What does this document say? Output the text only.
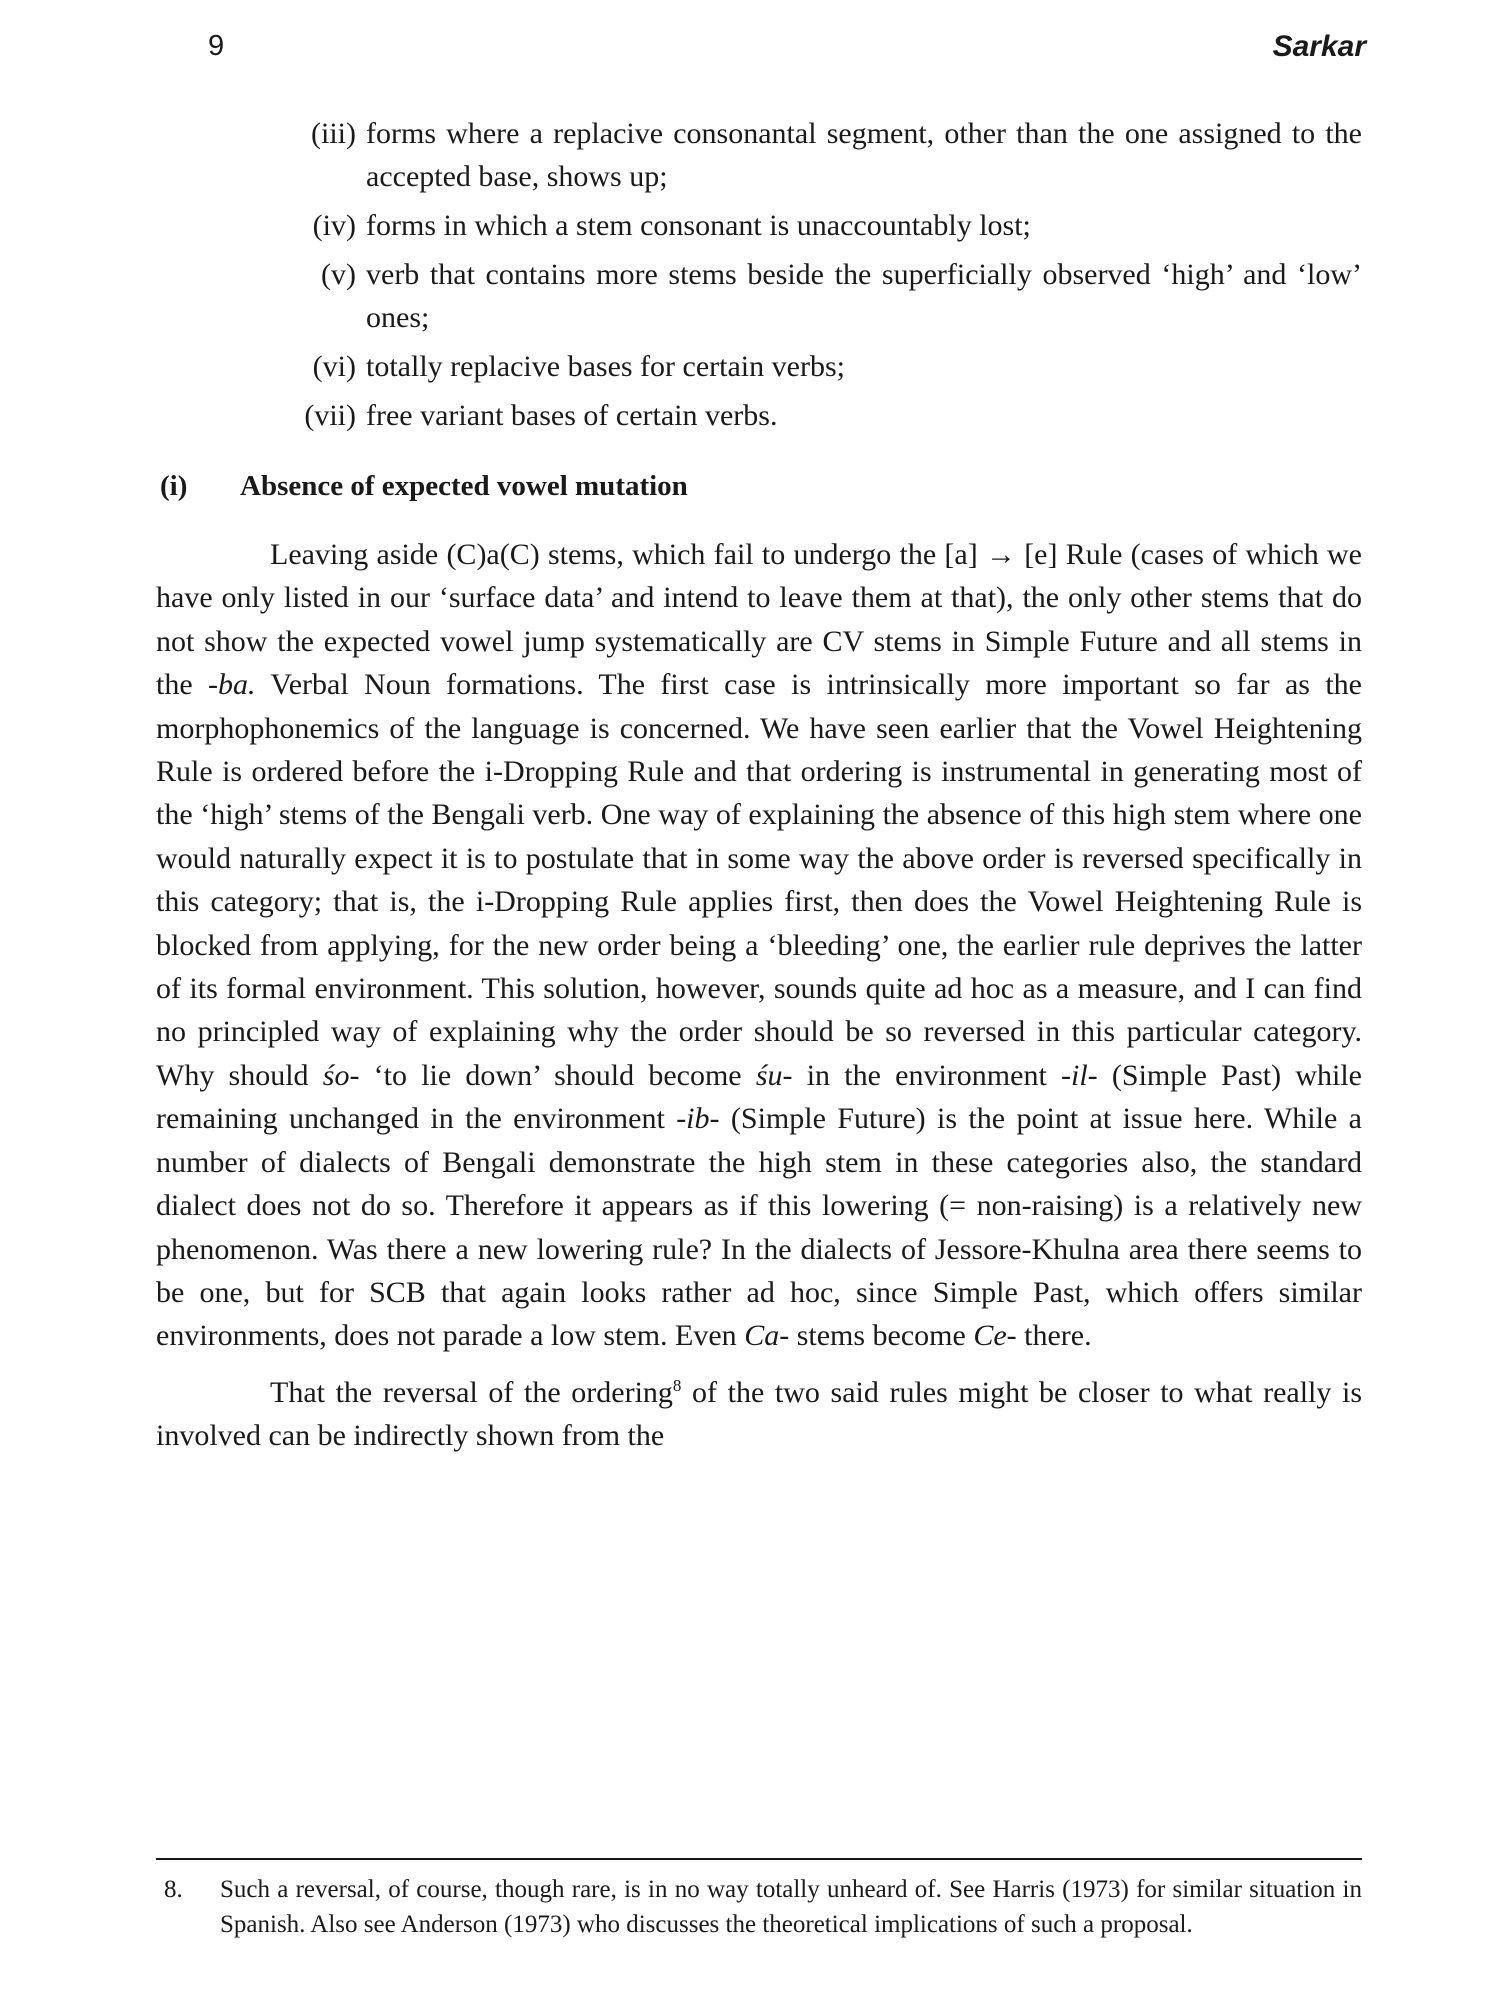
9	Sarkar
(iii) forms where a replacive consonantal segment, other than the one assigned to the accepted base, shows up;
(iv) forms in which a stem consonant is unaccountably lost;
(v) verb that contains more stems beside the superficially observed ‘high’ and ‘low’ ones;
(vi) totally replacive bases for certain verbs;
(vii) free variant bases of certain verbs.
(i) Absence of expected vowel mutation

Leaving aside (C)a(C) stems, which fail to undergo the [a] → [e] Rule (cases of which we have only listed in our ‘surface data’ and intend to leave them at that), the only other stems that do not show the expected vowel jump systematically are CV stems in Simple Future and all stems in the -ba. Verbal Noun formations. The first case is intrinsically more important so far as the morphophonemics of the language is concerned. We have seen earlier that the Vowel Heightening Rule is ordered before the i-Dropping Rule and that ordering is instrumental in generating most of the ‘high’ stems of the Bengali verb. One way of explaining the absence of this high stem where one would naturally expect it is to postulate that in some way the above order is reversed specifically in this category; that is, the i-Dropping Rule applies first, then does the Vowel Heightening Rule is blocked from applying, for the new order being a ‘bleeding’ one, the earlier rule deprives the latter of its formal environment. This solution, however, sounds quite ad hoc as a measure, and I can find no principled way of explaining why the order should be so reversed in this particular category. Why should śo- ‘to lie down’ should become śu- in the environment -il- (Simple Past) while remaining unchanged in the environment -ib- (Simple Future) is the point at issue here. While a number of dialects of Bengali demonstrate the high stem in these categories also, the standard dialect does not do so. Therefore it appears as if this lowering (= non-raising) is a relatively new phenomenon. Was there a new lowering rule? In the dialects of Jessore-Khulna area there seems to be one, but for SCB that again looks rather ad hoc, since Simple Past, which offers similar environments, does not parade a low stem. Even Ca- stems become Ce- there.

That the reversal of the ordering$^8$ of the two said rules might be closer to what really is involved can be indirectly shown from the

8.	Such a reversal, of course, though rare, is in no way totally unheard of. See Harris (1973) for similar situation in Spanish. Also see Anderson (1973) who discusses the theoretical implications of such a proposal.
